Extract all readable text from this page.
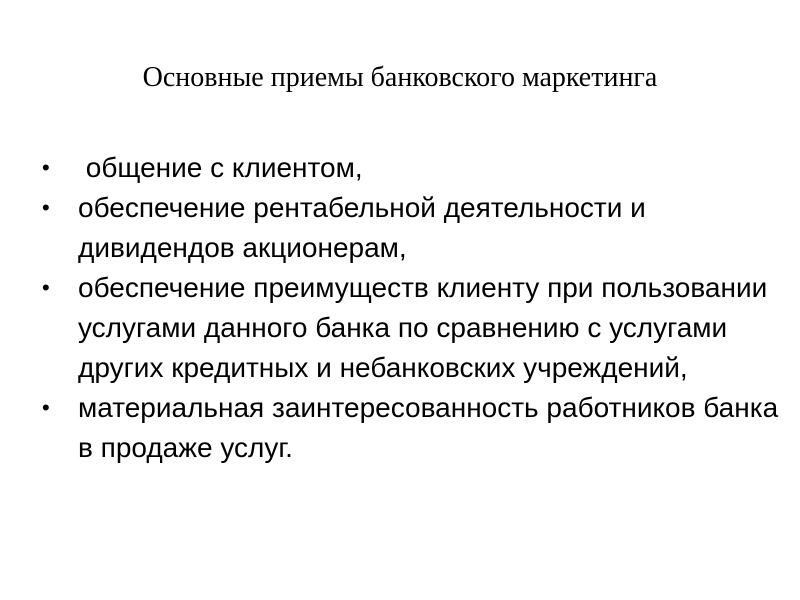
Основные приемы банковского маркетинга
• общение с клиентом,
• обеспечение рентабельной деятельности и дивидендов акционерам,
• обеспечение преимуществ клиенту при пользовании услугами данного банка по сравнению с услугами других кредитных и небанковских учреждений,
• материальная заинтересованность работников банка в продаже услуг.
